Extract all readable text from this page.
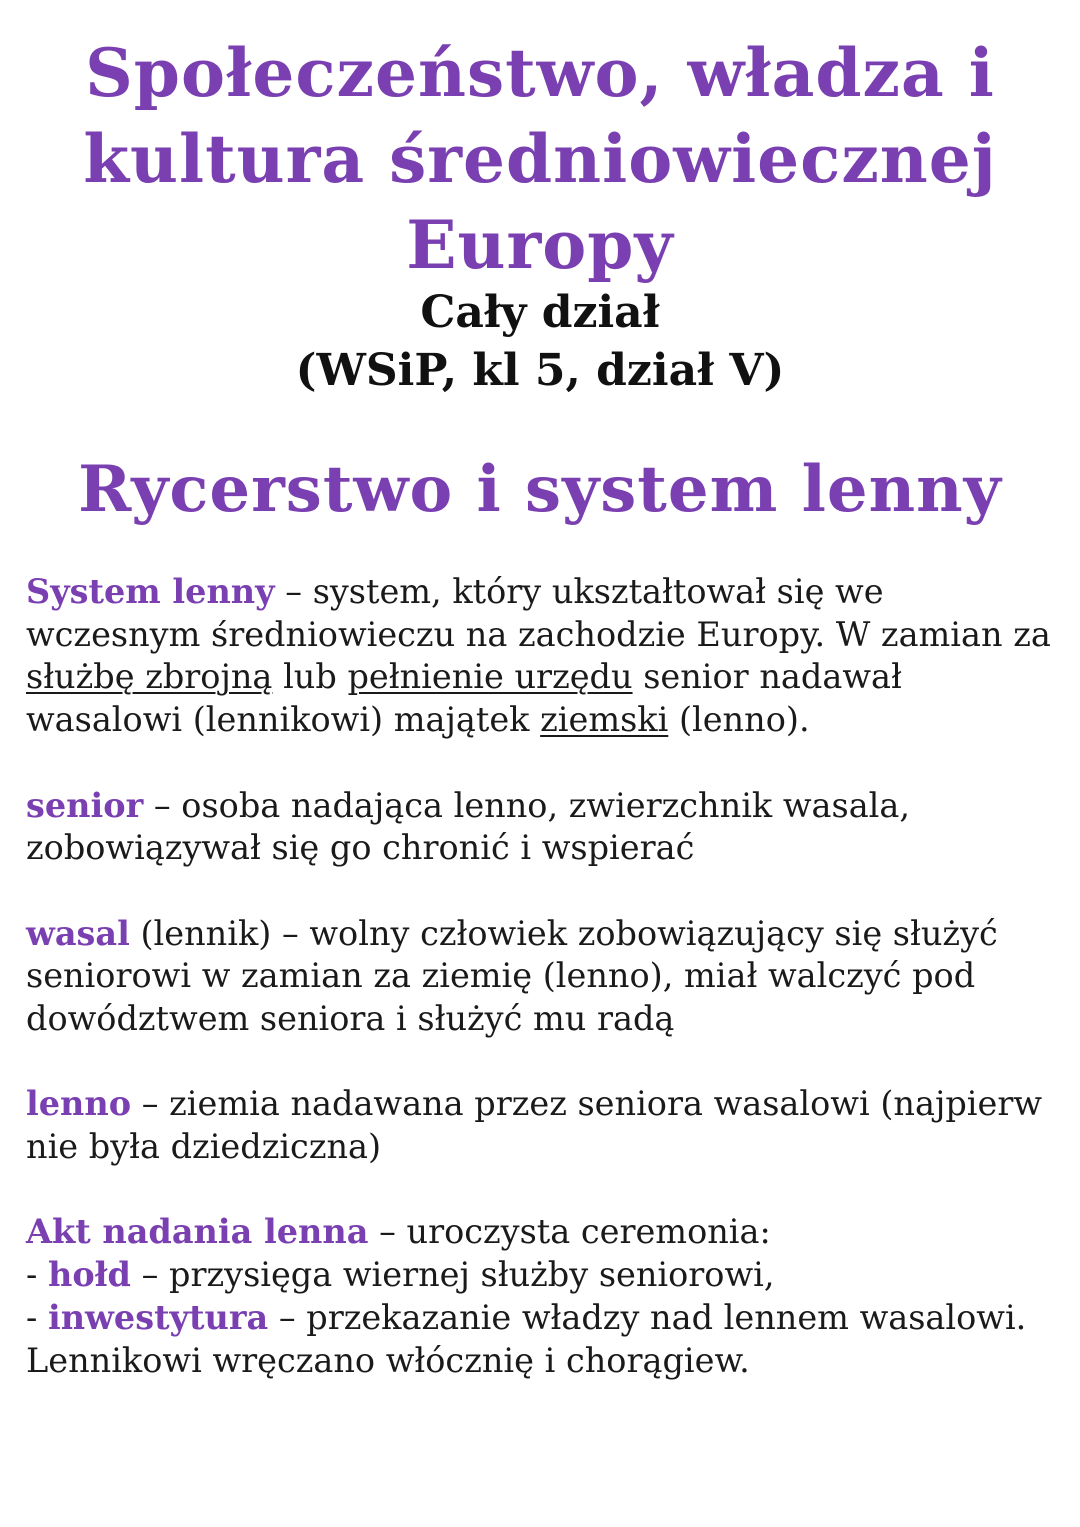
Społeczeństwo, władza i
kultura średniowiecznej
Europy
Cały dział
(WSiP, kl 5, dział V)
Rycerstwo i system lenny

System lenny – system, który ukształtował się we wczesnym średniowieczu na zachodzie Europy. W zamian za służbę zbrojną lub pełnienie urzędu senior nadawał wasalowi (lennikowi) majątek ziemski (lenno).

senior – osoba nadająca lenno, zwierzchnik wasala, zobowiązywał się go chronić i wspierać

wasal (lennik) – wolny człowiek zobowiązujący się służyć seniorowi w zamian za ziemię (lenno), miał walczyć pod dowództwem seniora i służyć mu radą

lenno – ziemia nadawana przez seniora wasalowi (najpierw nie była dziedziczna)

Akt nadania lenna – uroczysta ceremonia:
- hołd – przysięga wiernej służby seniorowi,
- inwestytura – przekazanie władzy nad lennem wasalowi. Lennikowi wręczano włócznię i chorągiew.
